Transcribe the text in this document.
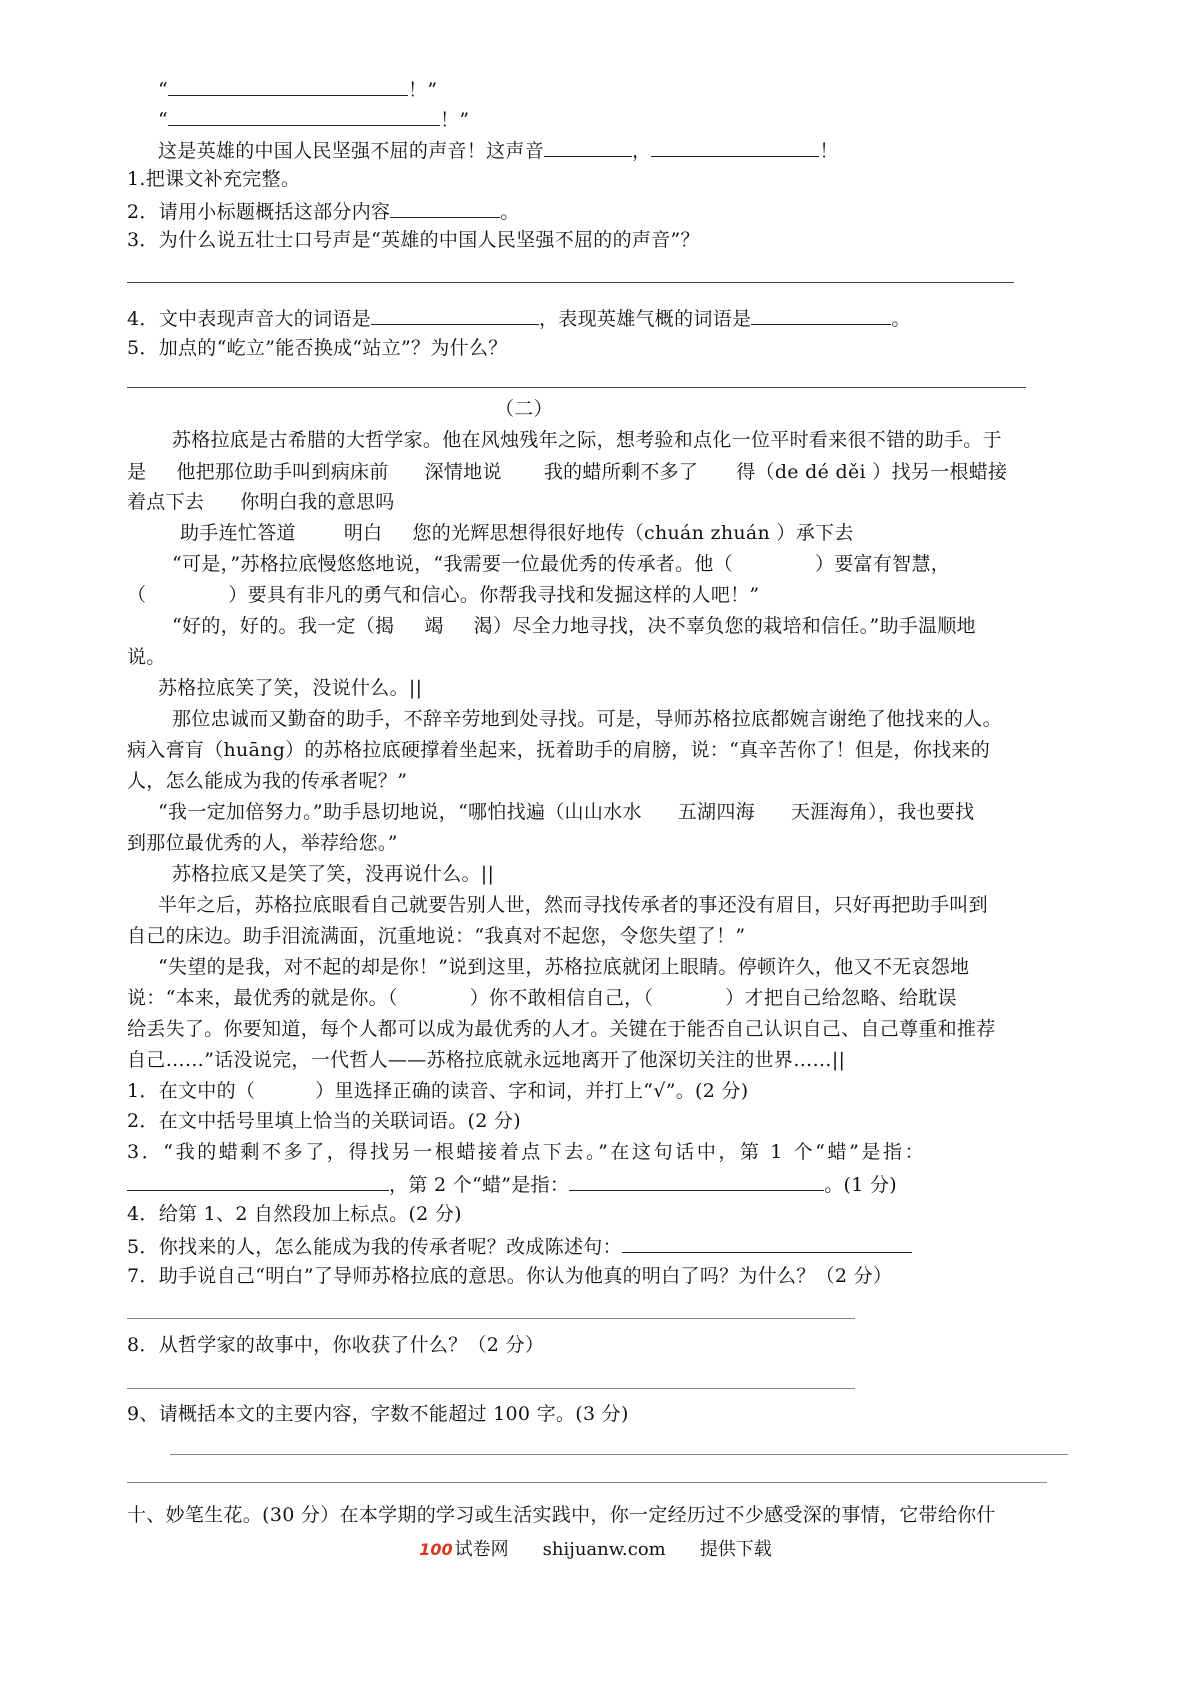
“	！”
“	！”
这是英雄的中国人民坚强不屈的声音！这声音	，	！
1.把课文补充完整。
2．请用小标题概括这部分内容	。
3．为什么说五壮士口号声是“英雄的中国人民坚强不屈的的声音”？
4．文中表现声音大的词语是	，表现英雄气概的词语是	。
5．加点的“屹立”能否换成“站立”？为什么？
（二）
苏格拉底是古希腊的大哲学家。他在风烛残年之际，想考验和点化一位平时看来很不错的助手。于
是 他把那位助手叫到病床前 深情地说 我的蜡所剩不多了 得（de dé děi ）找另一根蜡接
着点下去 你明白我的意思吗
助手连忙答道	明白 您的光辉思想得很好地传（chuán zhuán ）承下去
“可是，”苏格拉底慢悠悠地说，“我需要一位最优秀的传承者。他（	）要富有智慧，
（	）要具有非凡的勇气和信心。你帮我寻找和发掘这样的人吧！”
“好的，好的。我一定（揭 竭 渴）尽全力地寻找，决不辜负您的栽培和信任。”助手温顺地
说。
苏格拉底笑了笑，没说什么。||
那位忠诚而又勤奋的助手，不辞辛劳地到处寻找。可是，导师苏格拉底都婉言谢绝了他找来的人。
病入膏肓（huāng）的苏格拉底硬撑着坐起来，抚着助手的肩膀，说：“真辛苦你了！但是，你找来的
人，怎么能成为我的传承者呢？”
“我一定加倍努力。”助手恳切地说，“哪怕找遍（山山水水 五湖四海 天涯海角），我也要找
到那位最优秀的人，举荐给您。”
苏格拉底又是笑了笑，没再说什么。||
半年之后，苏格拉底眼看自己就要告别人世，然而寻找传承者的事还没有眉目，只好再把助手叫到
自己的床边。助手泪流满面，沉重地说：“我真对不起您，令您失望了！”
“失望的是我，对不起的却是你！”说到这里，苏格拉底就闭上眼睛。停顿许久，他又不无哀怨地
说：“本来，最优秀的就是你。（	）你不敢相信自己，（	）才把自己给忽略、给耽误
给丢失了。你要知道，每个人都可以成为最优秀的人才。关键在于能否自己认识自己、自己尊重和推荐
自己……”话没说完，一代哲人——苏格拉底就永远地离开了他深切关注的世界……||
1．在文中的（	）里选择正确的读音、字和词，并打上“√”。(2 分)
2．在文中括号里填上恰当的关联词语。(2 分)
3．“我的蜡剩不多了，得找另一根蜡接着点下去。”在这句话中，第 1 个“蜡”是指：
，第 2 个“蜡”是指：	。(1 分)
4．给第 1、2 自然段加上标点。(2 分)
5．你找来的人，怎么能成为我的传承者呢？改成陈述句：
7．助手说自己“明白”了导师苏格拉底的意思。你认为他真的明白了吗？为什么？（2 分）
8．从哲学家的故事中，你收获了什么？（2 分）
9、请概括本文的主要内容，字数不能超过 100 字。(3 分)
十、妙笔生花。(30 分）在本学期的学习或生活实践中，你一定经历过不少感受深的事情，它带给你什
100 试卷网 shijuanw.com 提供下载
